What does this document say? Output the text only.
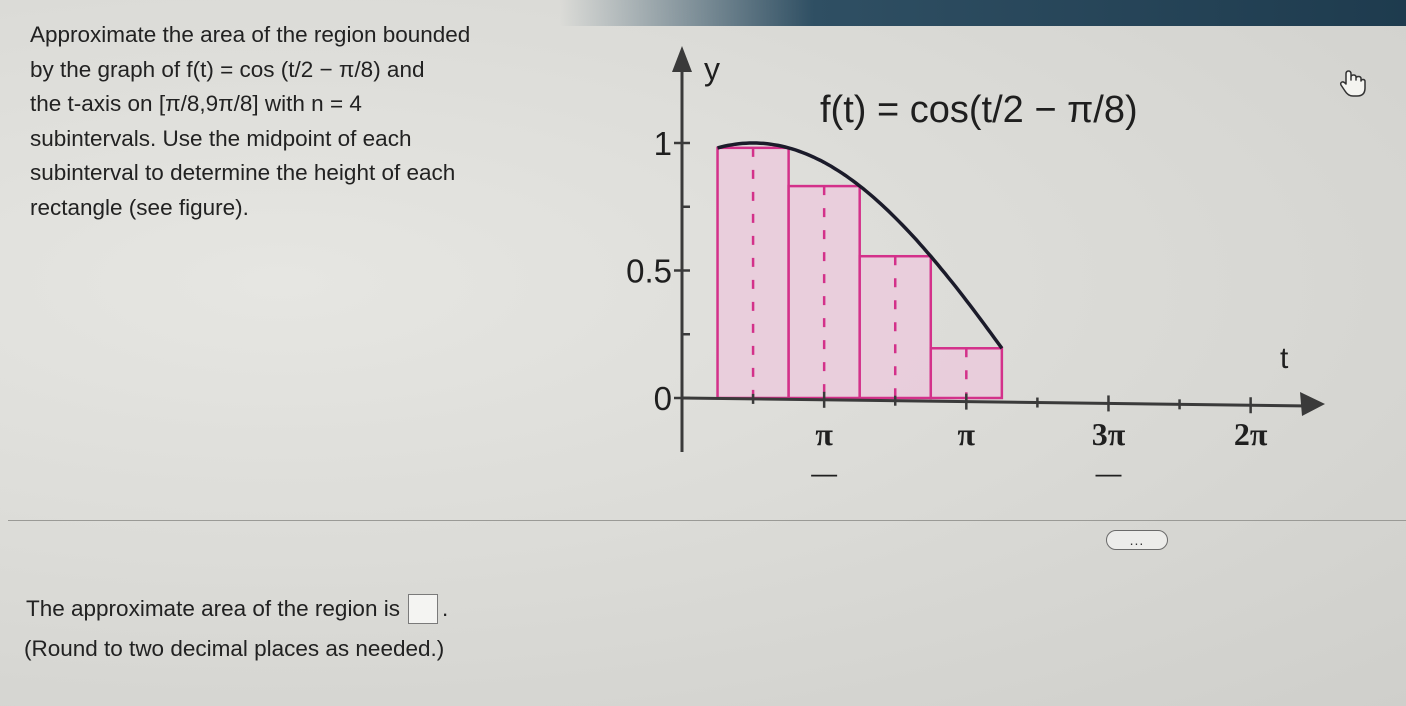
Approximate the area of the region bounded

by the graph of f(t) = cos (t/2 − π/8) and

the t-axis on [π/8,9π/8] with n = 4

subintervals. Use the midpoint of each

subinterval to determine the height of each

rectangle (see figure).

0
0.5
1
π
—
π	3π
—
2π
y
t
f(t) = cos(t/2 − π/8)
...
The approximate area of the region is .
(Round to two decimal places as needed.)
